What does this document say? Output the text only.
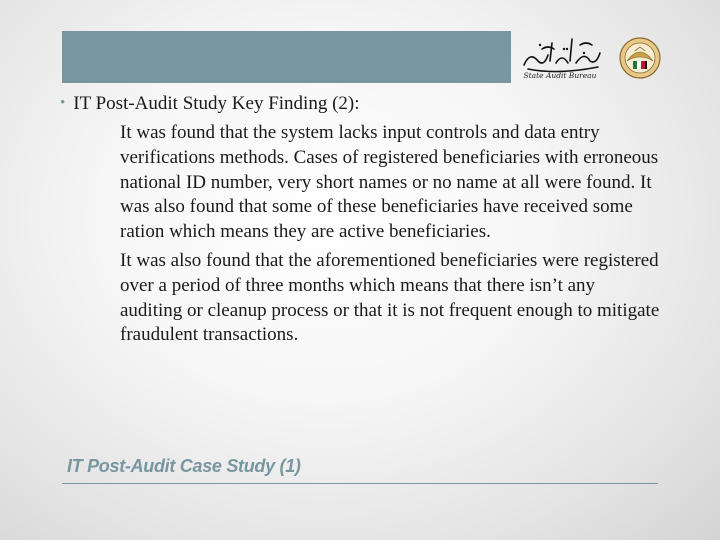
ديوان المحاسبة
State Audit Bureau

• IT Post-Audit Study Key Finding (2):

It was found that the system lacks input controls and data entry verifications methods. Cases of registered beneficiaries with erroneous national ID number, very short names or no name at all were found. It was also found that some of these beneficiaries have received some ration which means they are active beneficiaries.

It was also found that the aforementioned beneficiaries were registered over a period of three months which means that there isn’t any auditing or cleanup process or that it is not frequent enough to mitigate fraudulent transactions.

IT Post-Audit Case Study (1)
